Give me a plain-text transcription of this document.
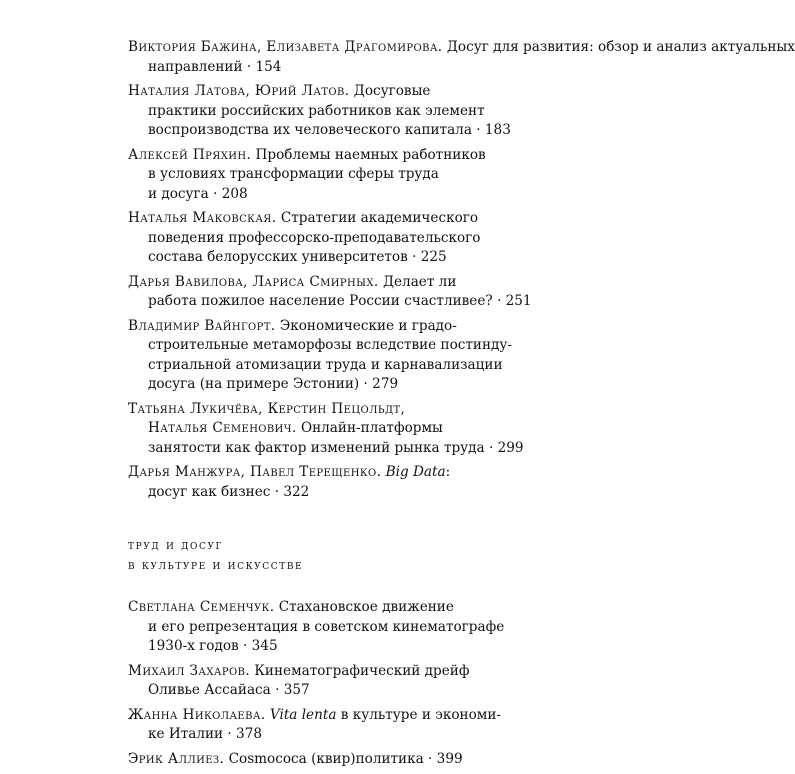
Виктория Бажина, Елизавета Драгомирова. Досуг для развития: обзор и анализ актуальных
направлений · 154
Наталия Латова, Юрий Латов. Досуговые
практики российских работников как элемент
воспроизводства их человеческого капитала · 183
Алексей Пряхин. Проблемы наемных работников
в условиях трансформации сферы труда
и досуга · 208
Наталья Маковская. Стратегии академического
поведения профессорско-преподавательского
состава белорусских университетов · 225
Дарья Вавилова, Лариса Смирных. Делает ли
работа пожилое население России счастливее? · 251
Владимир Вайнгорт. Экономические и градо-
строительные метаморфозы вследствие постинду-
стриальной атомизации труда и карнавализации
досуга (на примере Эстонии) · 279
Татьяна Лукичёва, Керстин Пецольдт,
Наталья Семенович. Онлайн-платформы
занятости как фактор изменений рынка труда · 299
Дарья Манжура, Павел Терещенко. Big Data:
досуг как бизнес · 322
труд и досуг
в культуре и искусстве
Светлана Семенчук. Стахановское движение
и его репрезентация в советском кинематографе
1930-х годов · 345
Михаил Захаров. Кинематографический дрейф
Оливье Ассайаса · 357
Жанна Николаева. Vita lenta в культуре и экономи-
ке Италии · 378
Эрик Аллиез. Cosmococa (квир)политика · 399
